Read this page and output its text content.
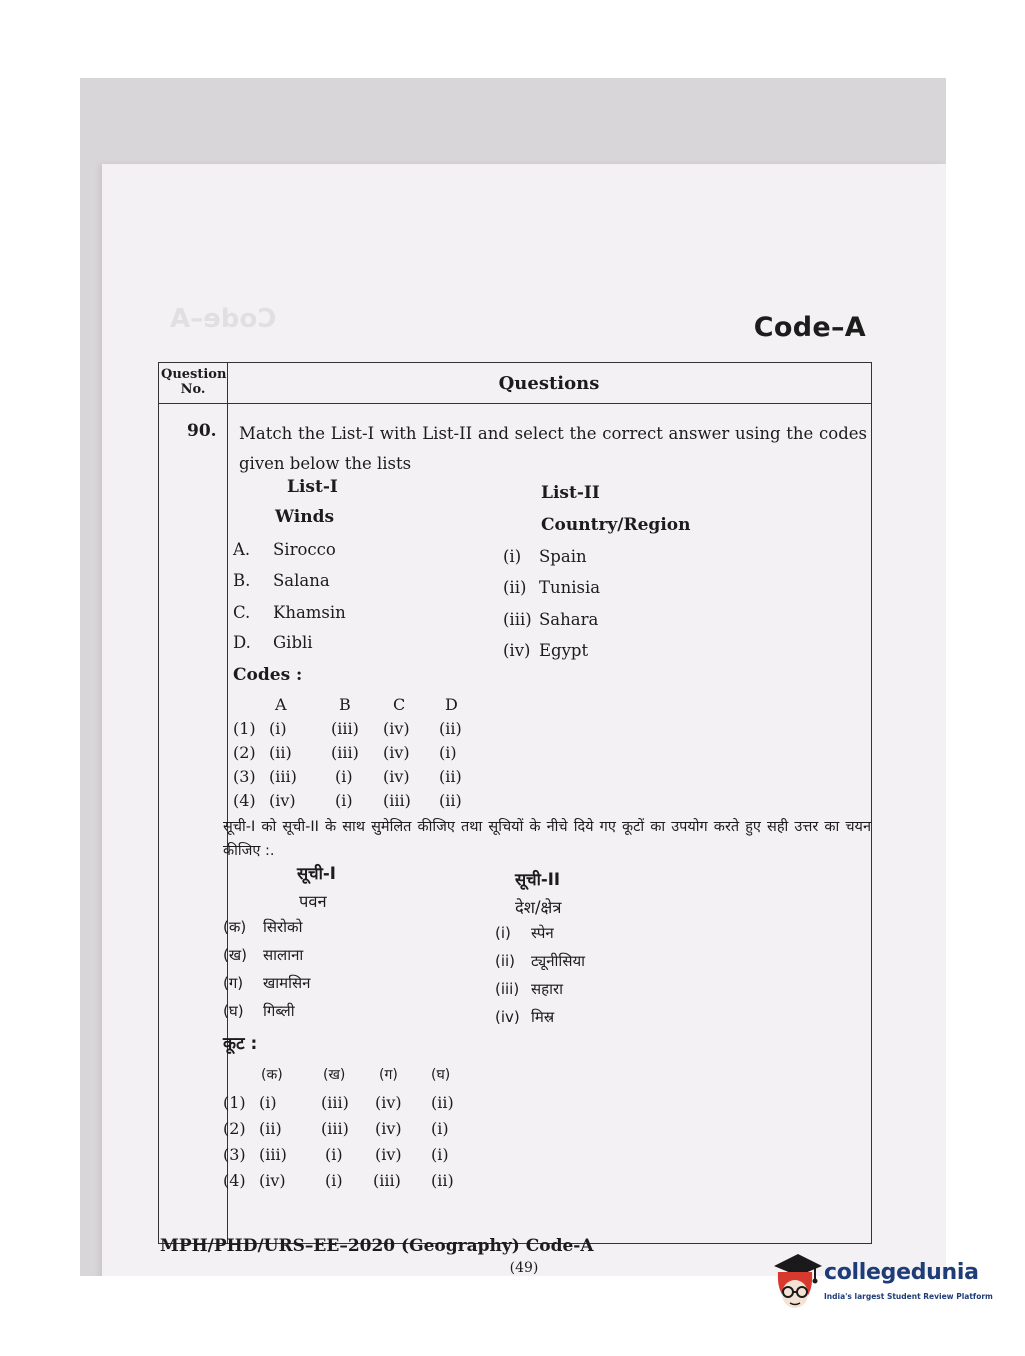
Code–A	Code–A
Question No.	Questions
90. Match the List-I with List-II and select the correct answer using the codes given below the lists

List-I
Winds
List-II
Country/Region
A. Sirocco
B. Salana
C. Khamsin
D. Gibli
(i) Spain
(ii) Tunisia
(iii) Sahara
(iv) Egypt
Codes :
A	B	C D
(1) (i)	(iii) (iv) (ii)
(2) (ii) (iii) (iv) (i)
(3) (iii) (i) (iv) (ii)
(4) (iv) (i) (iii) (ii)

सूची-I को सूची-II के साथ सुमेलित कीजिए तथा सूचियों के नीचे दिये गए कूटों का उपयोग करते हुए सही उत्तर का चयन कीजिए :.

सूची-I
पवन
सूची-II
देश/क्षेत्र
(क) सिरोको
(ख) सालाना
(ग) खामसिन
(घ) गिब्ली
(i) स्पेन
(ii) ट्यूनीसिया
(iii) सहारा
(iv) मिस्र
कूट :
(क)	(ख) (ग) (घ)
(1) (i)	(iii) (iv) (ii)
(2) (ii) (iii) (iv) (i)
(3) (iii) (i) (iv) (i)
(4) (iv) (i) (iii) (ii)
MPH/PHD/URS–EE–2020 (Geography) Code-A
(49)	collegedunia
India's largest Student Review Platform
